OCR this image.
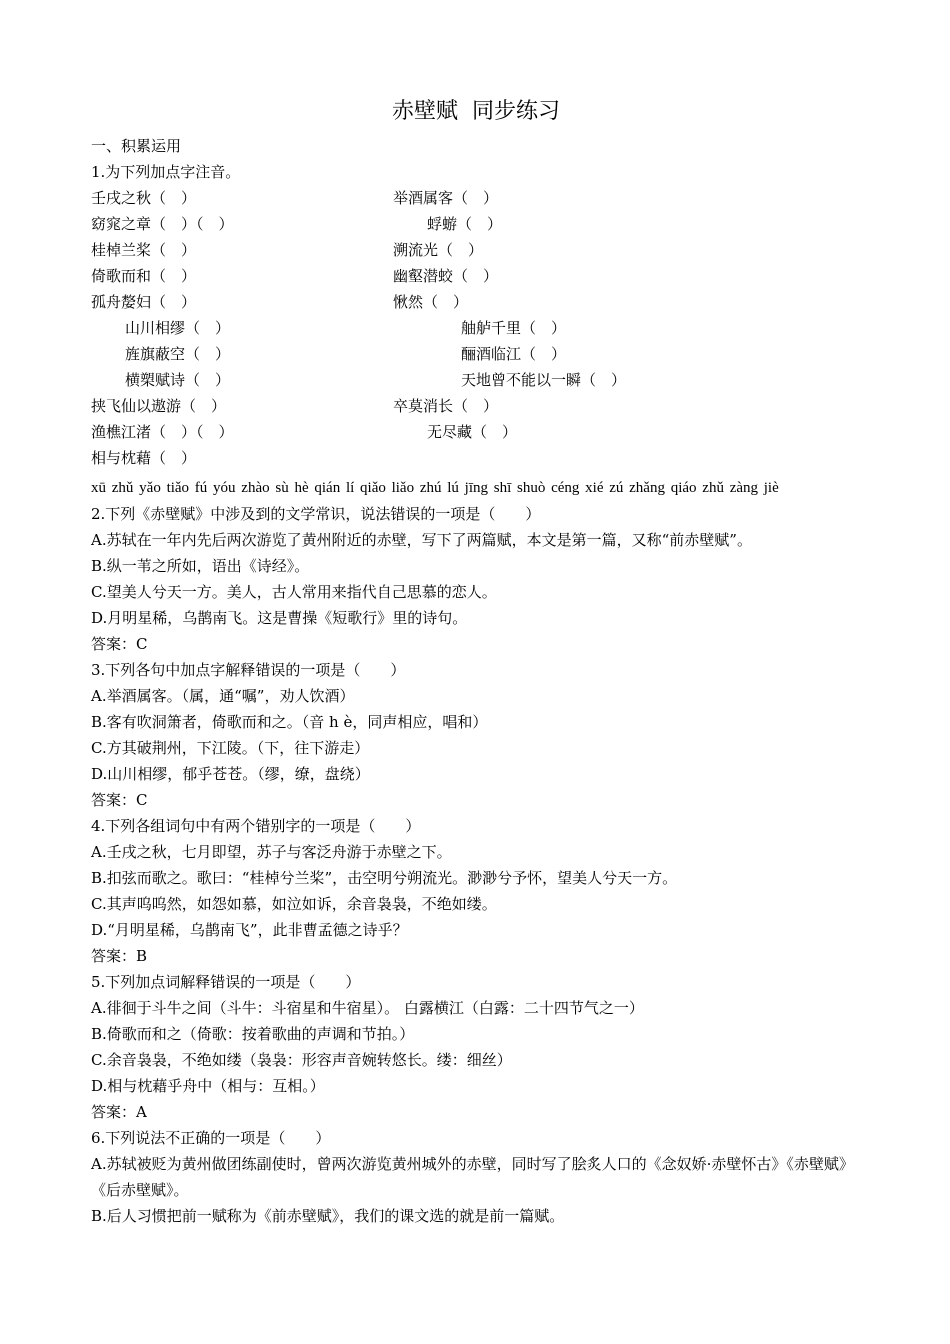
赤壁赋  同步练习
一、积累运用
1.为下列加点字注音。
壬戌之秋（　）	举酒属客（　）
窈窕之章（　）（　）	蜉蝣（　）
桂棹兰桨（　）	溯流光（　）
倚歌而和（　）	幽壑潜蛟（　）
孤舟嫠妇（　）	愀然（　）
山川相缪（　）	舳舻千里（　）
旌旗蔽空（　）	酾酒临江（　）
横槊赋诗（　）	天地曾不能以一瞬（　）
挟飞仙以遨游（　）	卒莫消长（　）
渔樵江渚（　）（　）	无尽藏（　）
相与枕藉（　）
xū zhǔ yǎo tiǎo fú yóu zhào sù hè qián lí qiǎo liǎo zhú lú jīng shī shuò céng xié zú zhǎng qiáo zhǔ zàng jiè
2.下列《赤壁赋》中涉及到的文学常识，说法错误的一项是（　　）
A.苏轼在一年内先后两次游览了黄州附近的赤壁，写下了两篇赋，本文是第一篇，又称“前赤壁赋”。
B.纵一苇之所如，语出《诗经》。
C.望美人兮天一方。美人，古人常用来指代自己思慕的恋人。
D.月明星稀，乌鹊南飞。这是曹操《短歌行》里的诗句。
答案：C
3.下列各句中加点字解释错误的一项是（　　）
A.举酒属客。（属，通“嘱”，劝人饮酒）
B.客有吹洞箫者，倚歌而和之。（音 h è，同声相应，唱和）
C.方其破荆州，下江陵。（下，往下游走）
D.山川相缪，郁乎苍苍。（缪，缭，盘绕）
答案：C
4.下列各组词句中有两个错别字的一项是（　　）
A.壬戌之秋，七月即望，苏子与客泛舟游于赤壁之下。
B.扣弦而歌之。歌曰：“桂棹兮兰桨”，击空明兮朔流光。渺渺兮予怀，望美人兮天一方。
C.其声呜呜然，如怨如慕，如泣如诉，余音袅袅，不绝如缕。
D.“月明星稀，乌鹊南飞”，此非曹孟德之诗乎？
答案：B
5.下列加点词解释错误的一项是（　　）
A.徘徊于斗牛之间（斗牛：斗宿星和牛宿星）。 白露横江（白露：二十四节气之一）
B.倚歌而和之（倚歌：按着歌曲的声调和节拍。）
C.余音袅袅，不绝如缕（袅袅：形容声音婉转悠长。缕：细丝）
D.相与枕藉乎舟中（相与：互相。）
答案：A
6.下列说法不正确的一项是（　　）
A.苏轼被贬为黄州做团练副使时，曾两次游览黄州城外的赤壁，同时写了脍炙人口的《念奴娇·赤壁怀古》《赤壁赋》《后赤壁赋》。
B.后人习惯把前一赋称为《前赤壁赋》，我们的课文选的就是前一篇赋。
